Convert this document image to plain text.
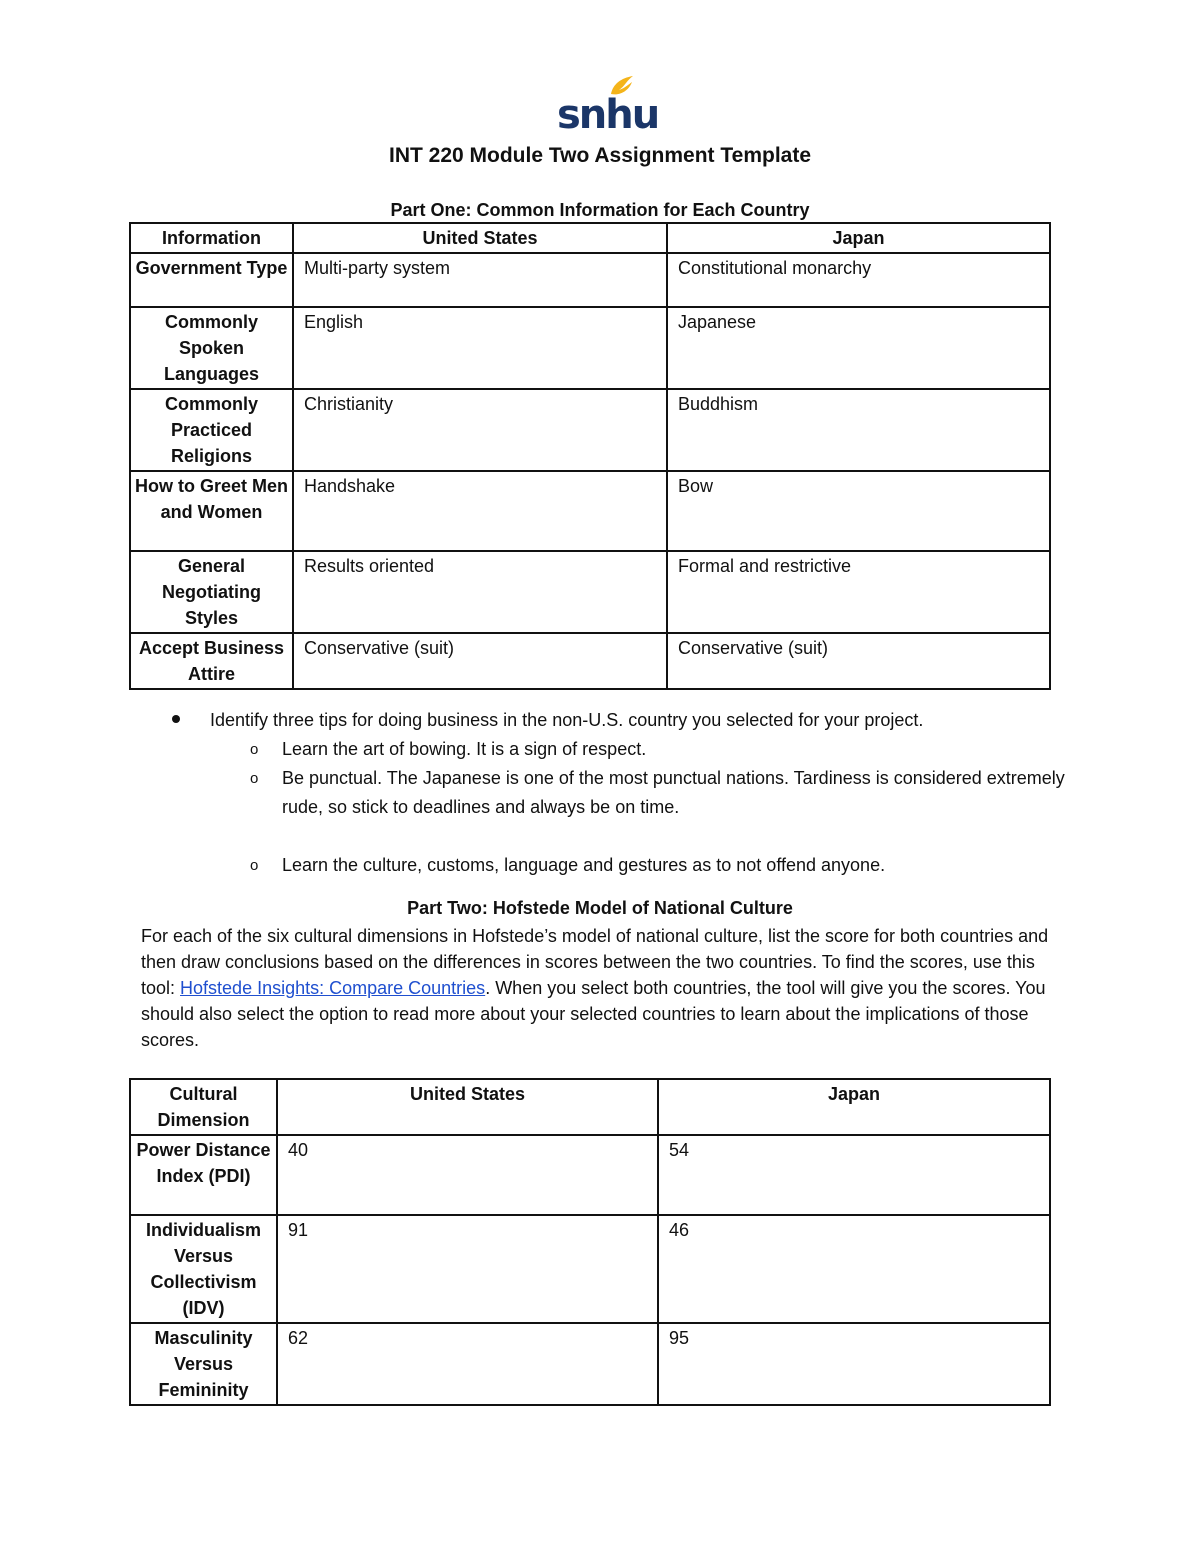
snhu
INT 220 Module Two Assignment Template
Part One: Common Information for Each Country
Information	United States	Japan
Government Type	Multi-party system	Constitutional monarchy
Commonly Spoken Languages	English	Japanese
Commonly Practiced Religions	Christianity	Buddhism
How to Greet Men and Women	Handshake	Bow
General Negotiating Styles	Results oriented	Formal and restrictive
Accept Business Attire	Conservative (suit)	Conservative (suit)
Identify three tips for doing business in the non-U.S. country you selected for your project.
o Learn the art of bowing. It is a sign of respect.
o Be punctual. The Japanese is one of the most punctual nations. Tardiness is considered extremely rude, so stick to deadlines and always be on time.
o Learn the culture, customs, language and gestures as to not offend anyone.
Part Two: Hofstede Model of National Culture
For each of the six cultural dimensions in Hofstede’s model of national culture, list the score for both countries and then draw conclusions based on the differences in scores between the two countries. To find the scores, use this tool: Hofstede Insights: Compare Countries. When you select both countries, the tool will give you the scores. You should also select the option to read more about your selected countries to learn about the implications of those scores.
Cultural Dimension	United States	Japan
Power Distance Index (PDI)	40	54
Individualism Versus Collectivism (IDV)	91	46
Masculinity Versus Femininity	62	95
